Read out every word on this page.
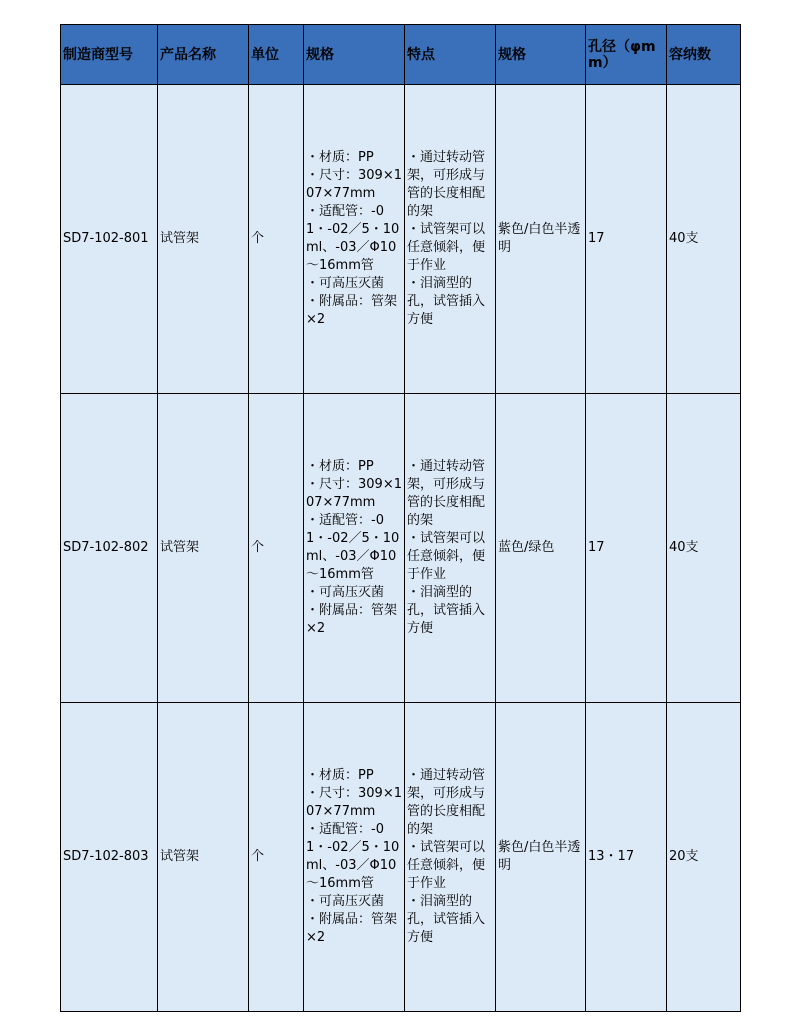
制造商型号	产品名称	单位	规格	特点	规格	孔径（φmm）	容纳数
SD7-102-801	试管架	个	・材质：PP
・尺寸：309×107×77mm
・适配管：-01・-02／5・10ml、-03／Φ10～16mm管
・可高压灭菌
・附属品：管架×2	・通过转动管架，可形成与管的长度相配的架
・试管架可以任意倾斜，便于作业
・泪滴型的孔，试管插入方便	紫色/白色半透明	17	40支
SD7-102-802	试管架	个	・材质：PP
・尺寸：309×107×77mm
・适配管：-01・-02／5・10ml、-03／Φ10～16mm管
・可高压灭菌
・附属品：管架×2	・通过转动管架，可形成与管的长度相配的架
・试管架可以任意倾斜，便于作业
・泪滴型的孔，试管插入方便	蓝色/绿色	17	40支
SD7-102-803	试管架	个	・材质：PP
・尺寸：309×107×77mm
・适配管：-01・-02／5・10ml、-03／Φ10～16mm管
・可高压灭菌
・附属品：管架×2	・通过转动管架，可形成与管的长度相配的架
・试管架可以任意倾斜，便于作业
・泪滴型的孔，试管插入方便	紫色/白色半透明	13・17	20支
